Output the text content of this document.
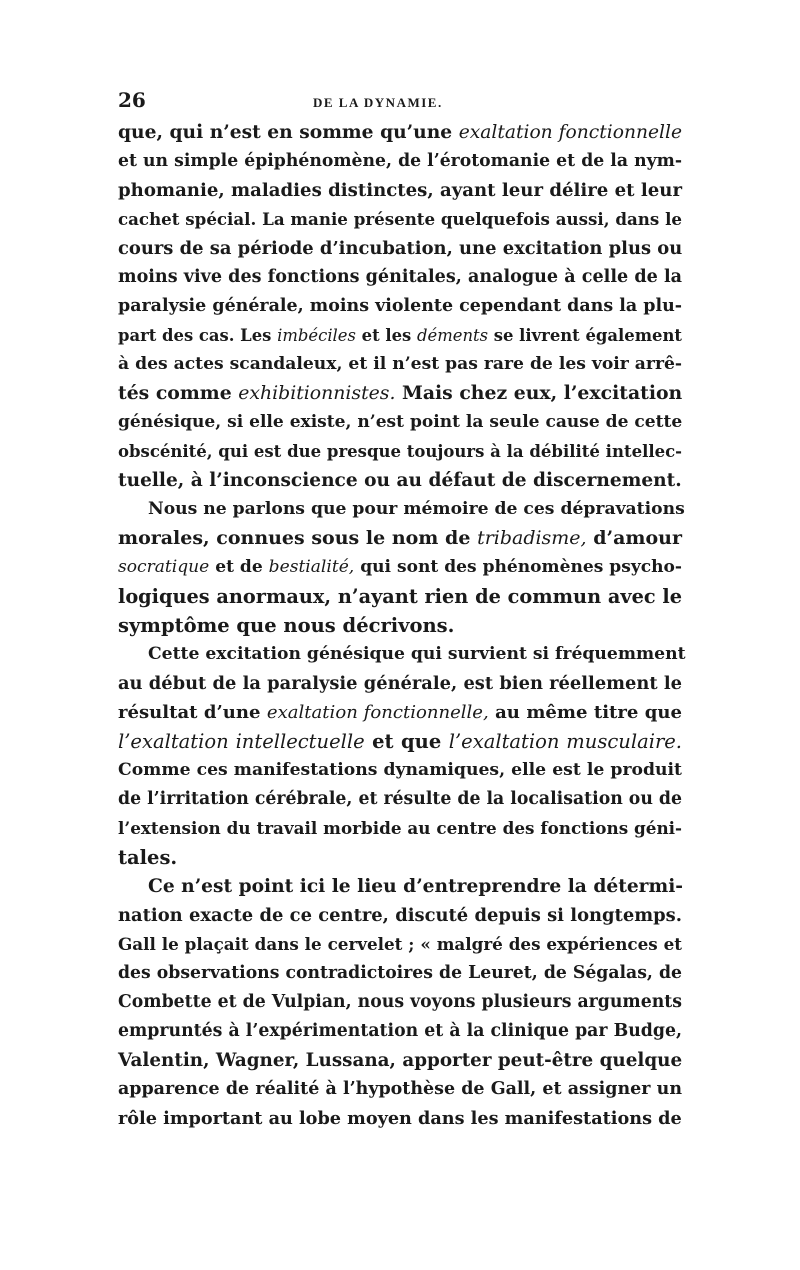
26	DE LA DYNAMIE.
que, qui n’est en somme qu’une exaltation fonctionnelle
et un simple épiphénomène, de l’érotomanie et de la nym-
phomanie, maladies distinctes, ayant leur délire et leur
cachet spécial. La manie présente quelquefois aussi, dans le
cours de sa période d’incubation, une excitation plus ou
moins vive des fonctions génitales, analogue à celle de la
paralysie générale, moins violente cependant dans la plu-
part des cas. Les imbéciles et les déments se livrent également
à des actes scandaleux, et il n’est pas rare de les voir arrê-
tés comme exhibitionnistes. Mais chez eux, l’excitation
génésique, si elle existe, n’est point la seule cause de cette
obscénité, qui est due presque toujours à la débilité intellec-
tuelle, à l’inconscience ou au défaut de discernement.
Nous ne parlons que pour mémoire de ces dépravations
morales, connues sous le nom de tribadisme, d’amour
socratique et de bestialité, qui sont des phénomènes psycho-
logiques anormaux, n’ayant rien de commun avec le
symptôme que nous décrivons.
Cette excitation génésique qui survient si fréquemment
au début de la paralysie générale, est bien réellement le
résultat d’une exaltation fonctionnelle, au même titre que
l’exaltation intellectuelle et que l’exaltation musculaire.
Comme ces manifestations dynamiques, elle est le produit
de l’irritation cérébrale, et résulte de la localisation ou de
l’extension du travail morbide au centre des fonctions géni-
tales.
Ce n’est point ici le lieu d’entreprendre la détermi-
nation exacte de ce centre, discuté depuis si longtemps.
Gall le plaçait dans le cervelet ; « malgré des expériences et
des observations contradictoires de Leuret, de Ségalas, de
Combette et de Vulpian, nous voyons plusieurs arguments
empruntés à l’expérimentation et à la clinique par Budge,
Valentin, Wagner, Lussana, apporter peut-être quelque
apparence de réalité à l’hypothèse de Gall, et assigner un
rôle important au lobe moyen dans les manifestations de
